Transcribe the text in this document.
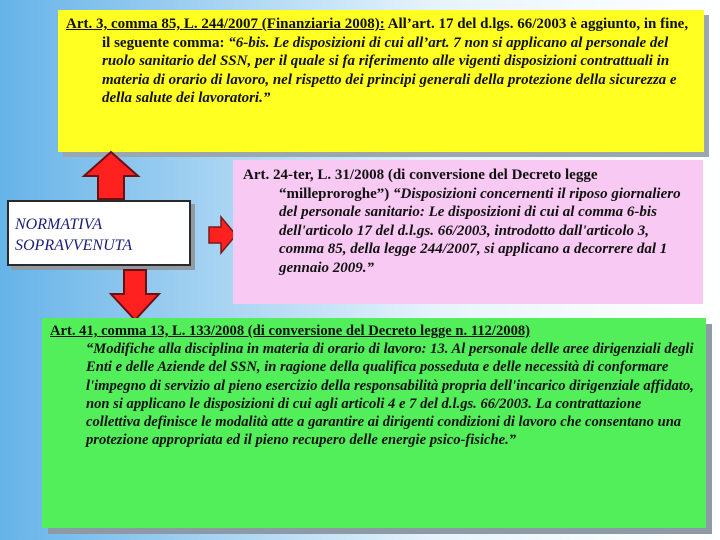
Art. 3, comma 85, L. 244/2007 (Finanziaria 2008): All’art. 17 del d.lgs. 66/2003 è aggiunto, in fine, il seguente comma: “6-bis. Le disposizioni di cui all’art. 7 non si applicano al personale del ruolo sanitario del SSN, per il quale si fa riferimento alle vigenti disposizioni contrattuali in materia di orario di lavoro, nel rispetto dei principi generali della protezione della sicurezza e della salute dei lavoratori.”
NORMATIVA
SOPRAVVENUTA
Art. 24-ter, L. 31/2008 (di conversione del Decreto legge “milleproroghe”) “Disposizioni concernenti il riposo giornaliero del personale sanitario: Le disposizioni di cui al comma 6-bis dell'articolo 17 del d.l.gs. 66/2003, introdotto dall'articolo 3, comma 85, della legge 244/2007, si applicano a decorrere dal 1 gennaio 2009.”
Art. 41, comma 13, L. 133/2008 (di conversione del Decreto legge n. 112/2008)
“Modifiche alla disciplina in materia di orario di lavoro: 13. Al personale delle aree dirigenziali degli Enti e delle Aziende del SSN, in ragione della qualifica posseduta e delle necessità di conformare l'impegno di servizio al pieno esercizio della responsabilità propria dell'incarico dirigenziale affidato, non si applicano le disposizioni di cui agli articoli 4 e 7 del d.l.gs. 66/2003. La contrattazione collettiva definisce le modalità atte a garantire ai dirigenti condizioni di lavoro che consentano una protezione appropriata ed il pieno recupero delle energie psico-fisiche.”
